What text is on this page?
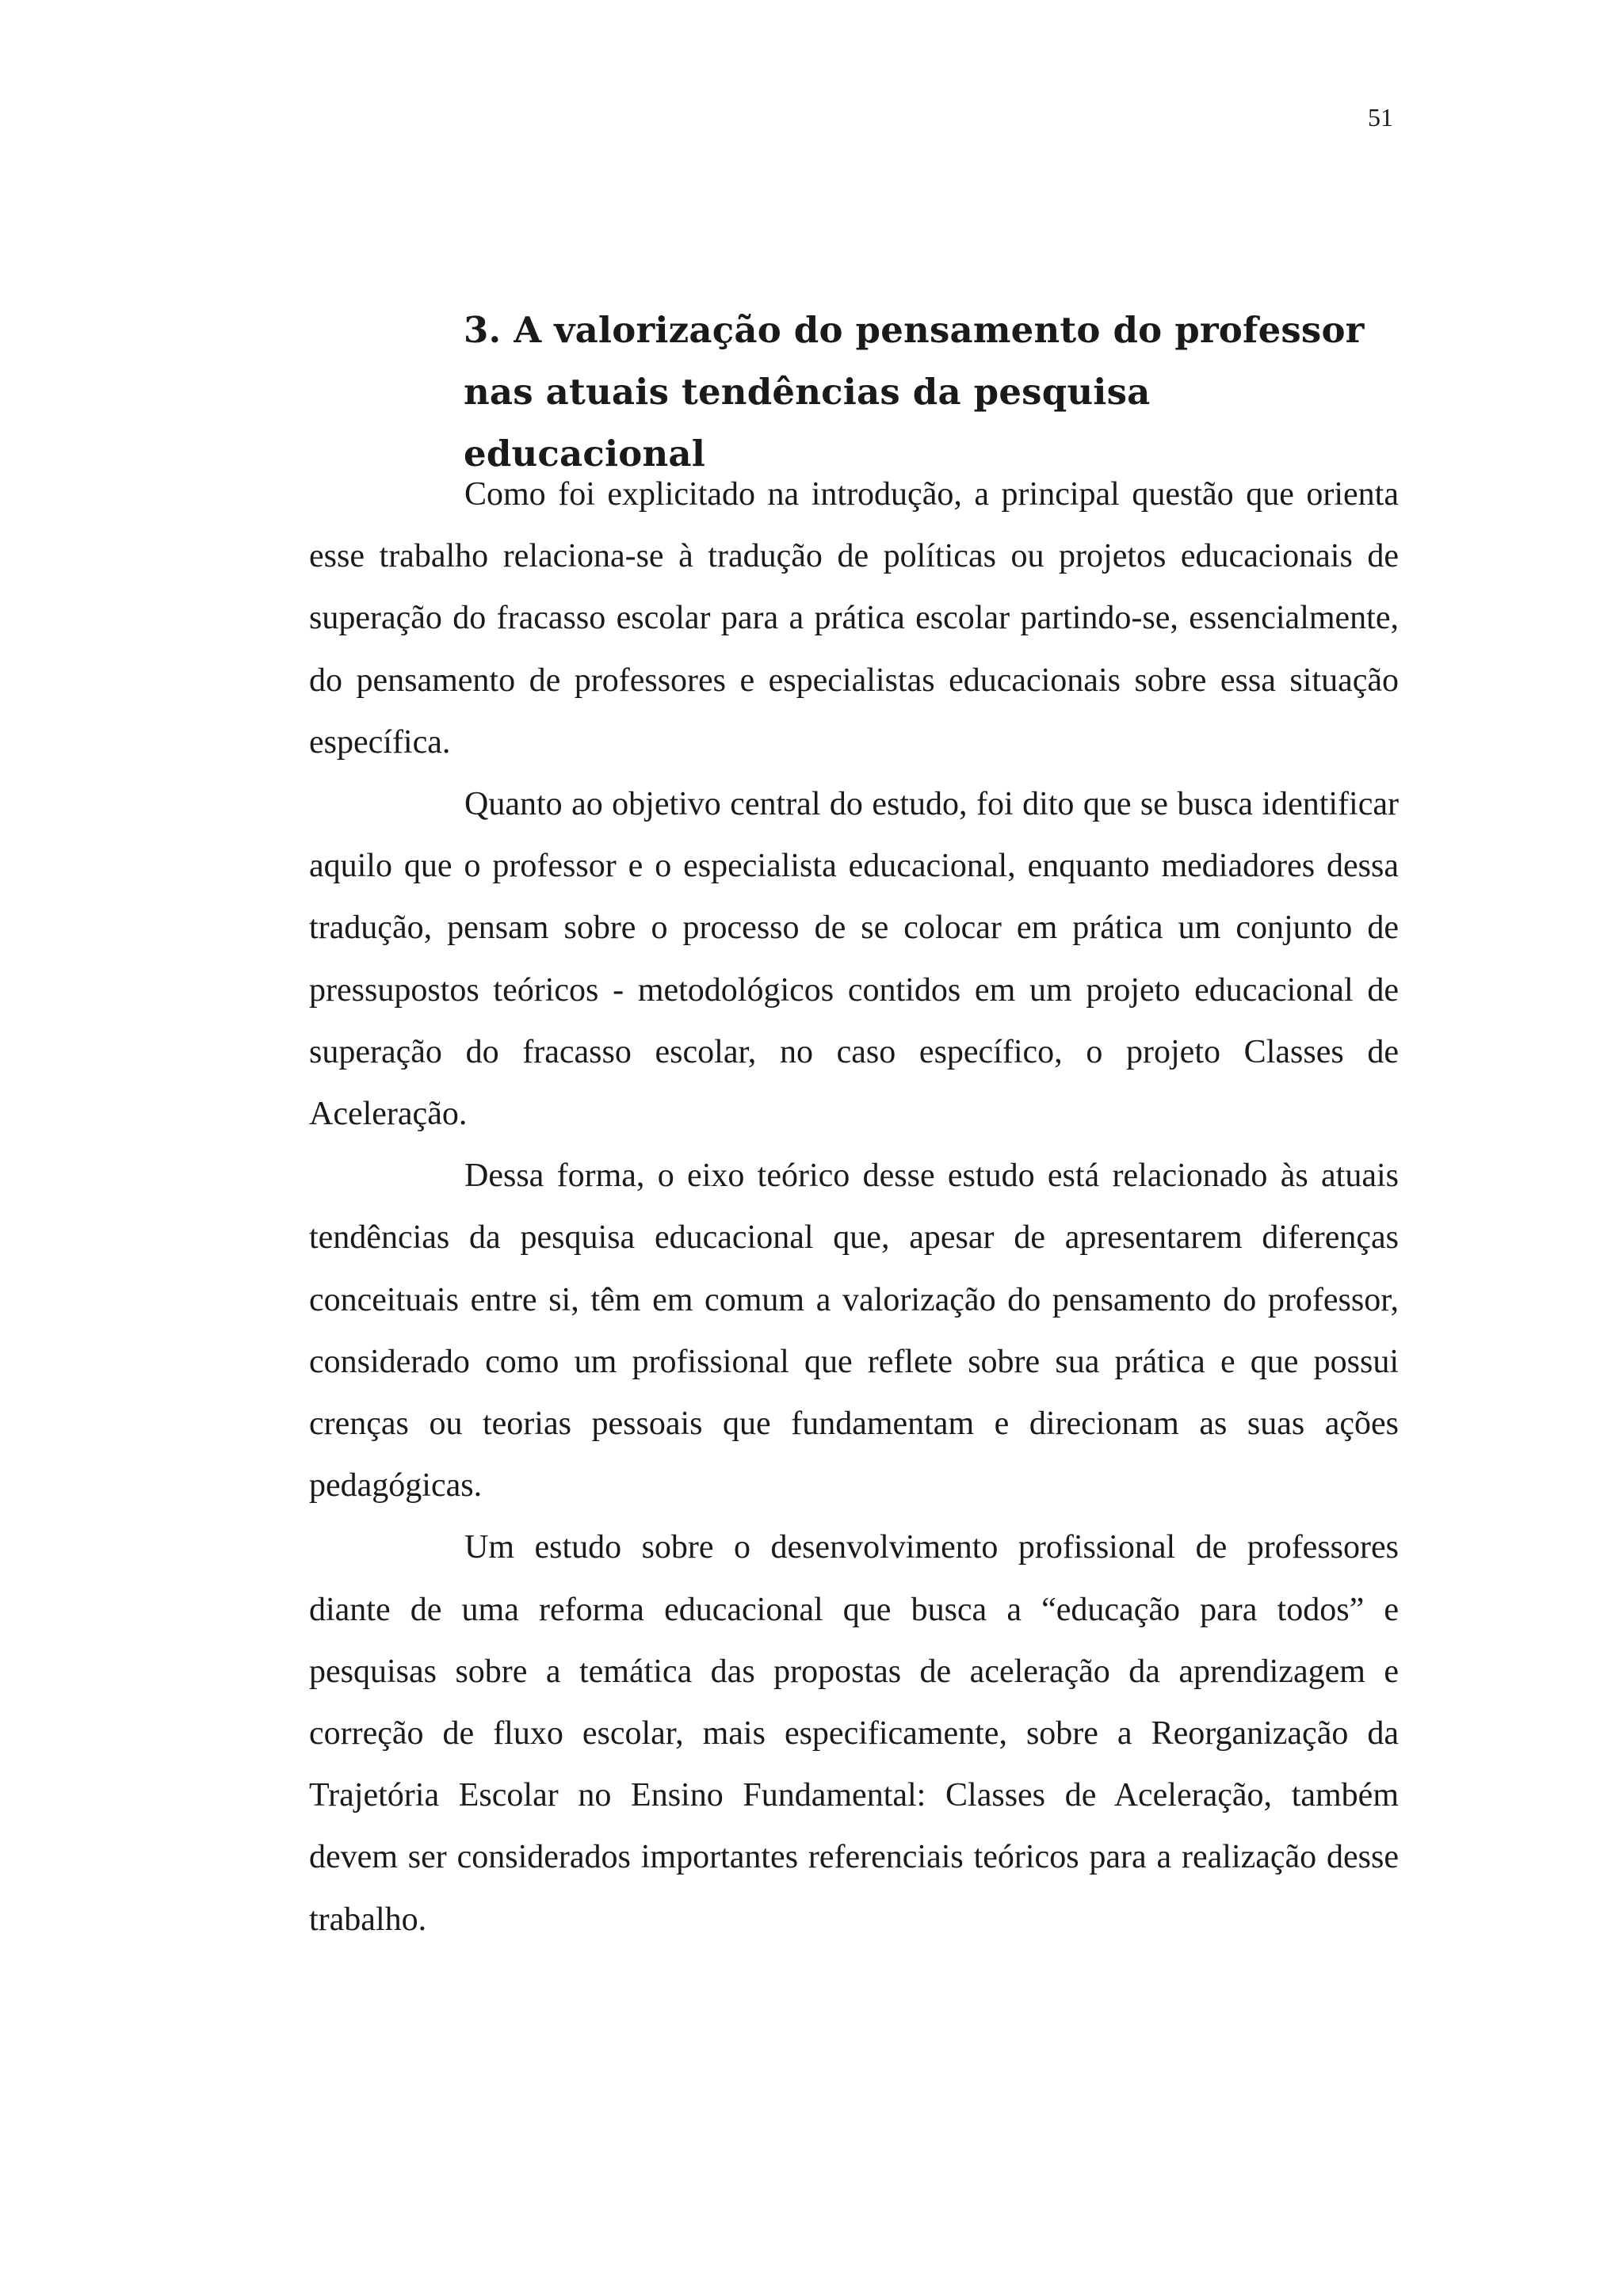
51
3. A valorização do pensamento do professor nas atuais tendências da pesquisa educacional

Como foi explicitado na introdução, a principal questão que orienta esse trabalho relaciona-se à tradução de políticas ou projetos educacionais de superação do fracasso escolar para a prática escolar partindo-se, essencialmente, do pensamento de professores e especialistas educacionais sobre essa situação específica.

Quanto ao objetivo central do estudo, foi dito que se busca identificar aquilo que o professor e o especialista educacional, enquanto mediadores dessa tradução, pensam sobre o processo de se colocar em prática um conjunto de pressupostos teóricos - metodológicos contidos em um projeto educacional de superação do fracasso escolar, no caso específico, o projeto Classes de Aceleração.

Dessa forma, o eixo teórico desse estudo está relacionado às atuais tendências da pesquisa educacional que, apesar de apresentarem diferenças conceituais entre si, têm em comum a valorização do pensamento do professor, considerado como um profissional que reflete sobre sua prática e que possui crenças ou teorias pessoais que fundamentam e direcionam as suas ações pedagógicas.

Um estudo sobre o desenvolvimento profissional de professores diante de uma reforma educacional que busca a “educação para todos” e pesquisas sobre a temática das propostas de aceleração da aprendizagem e correção de fluxo escolar, mais especificamente, sobre a Reorganização da Trajetória Escolar no Ensino Fundamental: Classes de Aceleração, também devem ser considerados importantes referenciais teóricos para a realização desse trabalho.
